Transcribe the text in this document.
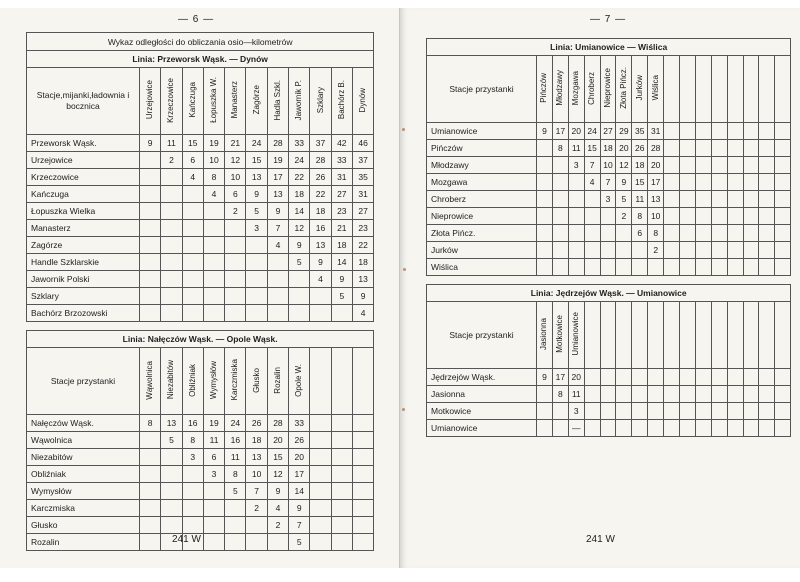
— 6 —
Wykaz odległości do obliczania osio—kilometrów											
Linia: Przeworsk Wąsk. — Dynów											
Stacje,mijanki,ładownia i bocznica	Urzejowice	Krzeczowice	Kańczuga	Łopuszka W.	Manasterz	Zagórze	Hadla Szkl.	Jawornik P.	Szklary	Bachórz B.	Dynów
Przeworsk Wąsk.	9	11	15	19	21	24	28	33	37	42	46
Urzejowice		2	6	10	12	15	19	24	28	33	37
Krzeczowice			4	8	10	13	17	22	26	31	35
Kańczuga				4	6	9	13	18	22	27	31
Łopuszka Wielka					2	5	9	14	18	23	27
Manasterz						3	7	12	16	21	23
Zagórze							4	9	13	18	22
Handle Szklarskie								5	9	14	18
Jawornik Polski									4	9	13
Szklary										5	9
Bachórz Brzozowski											4

Linia: Nałęczów Wąsk. — Opole Wąsk.											
Stacje przystanki	Wąwolnica	Niezabitów	Obliźniak	Wymysłów	Karczmiska	Głusko	Rozalin	Opole W.			
Nałęczów Wąsk.	8	13	16	19	24	26	28	33			
Wąwolnica		5	8	11	16	18	20	26			
Niezabitów			3	6	11	13	15	20			
Obliźniak				3	8	10	12	17			
Wymysłów					5	7	9	14			
Karczmiska						2	4	9			
Głusko							2	7			
Rozalin								5			
241 W
— 7 —
Linia: Umianowice — Wiślica																
Stacje przystanki	Pińczów	Młodzawy	Mozgawa	Chroberz	Nieprowice	Złota Pińcz.	Jurków	Wiślica								
Umianowice	9	17	20	24	27	29	35	31								
Pińczów		8	11	15	18	20	26	28								
Młodzawy			3	7	10	12	18	20								
Mozgawa				4	7	9	15	17								
Chroberz					3	5	11	13								
Nieprowice						2	8	10								
Złota Pińcz.							6	8								
Jurków								2								
Wiślica																

Linia: Jędrzejów Wąsk. — Umianowice																
Stacje przystanki	Jasionna	Motkowice	Umianowice													
Jędrzejów Wąsk.	9	17	20													
Jasionna		8	11													
Motkowice			3													
Umianowice			—													
241 W
